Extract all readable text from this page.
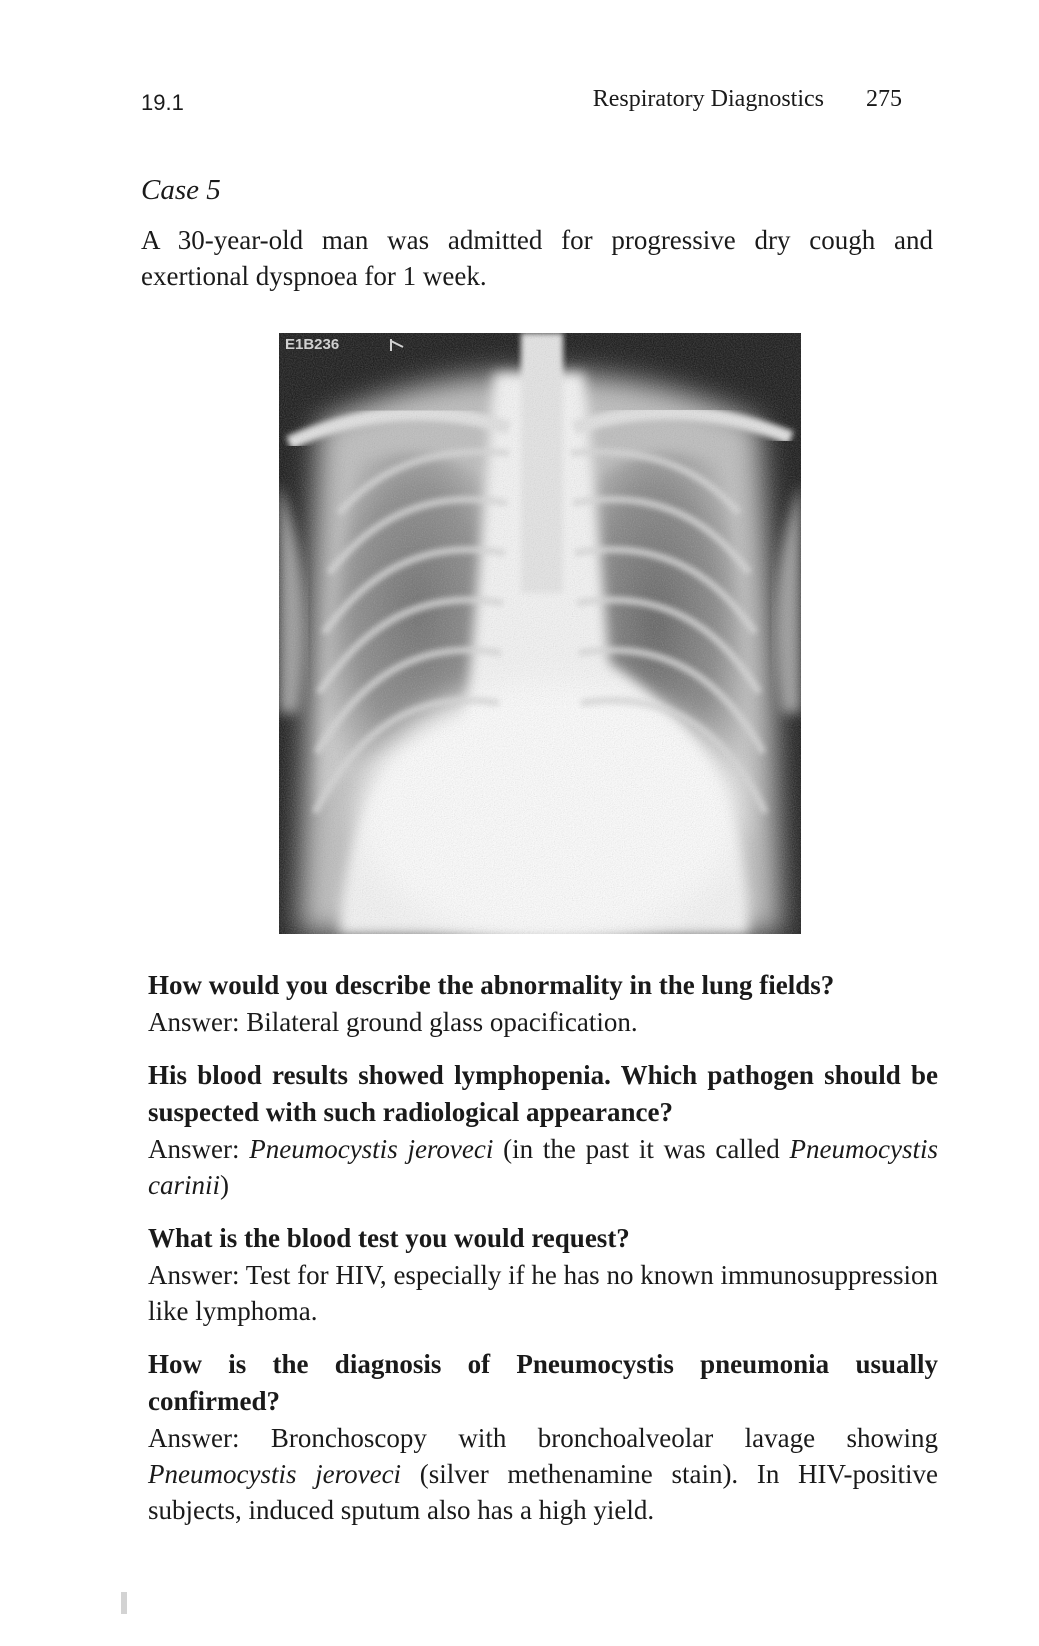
19.1	Respiratory Diagnostics 275
Case 5

A 30-year-old man was admitted for progressive dry cough and exertional dyspnoea for 1 week.

E1B236

How would you describe the abnormality in the lung fields?

Answer: Bilateral ground glass opacification.

His blood results showed lymphopenia. Which pathogen should be suspected with such radiological appearance?

Answer: Pneumocystis jeroveci (in the past it was called Pneumocystis carinii)

What is the blood test you would request?

Answer: Test for HIV, especially if he has no known immunosuppression like lymphoma.

How is the diagnosis of Pneumocystis pneumonia usually confirmed?

Answer: Bronchoscopy with bronchoalveolar lavage showing Pneumocystis jeroveci (silver methenamine stain). In HIV-positive subjects, induced sputum also has a high yield.
